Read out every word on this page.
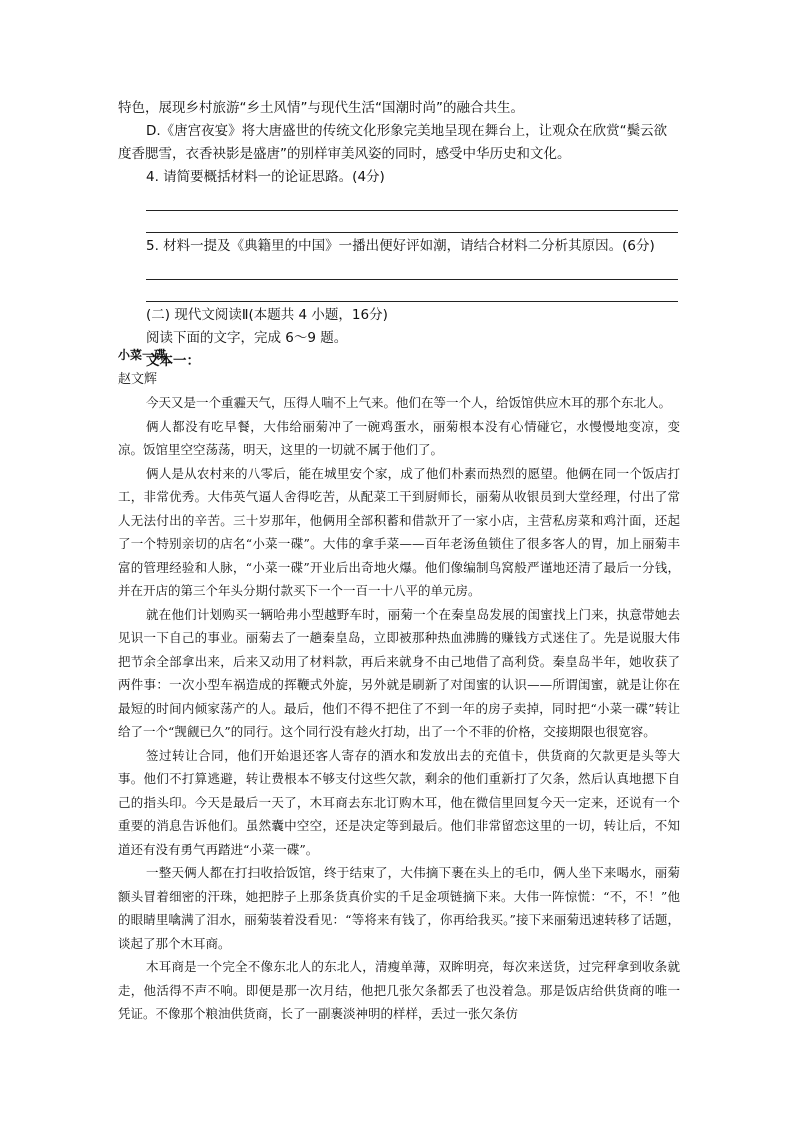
特色，展现乡村旅游“乡土风情”与现代生活“国潮时尚”的融合共生。

D.《唐宫夜宴》将大唐盛世的传统文化形象完美地呈现在舞台上，让观众在欣赏“鬓云欲度香腮雪，衣香袂影是盛唐”的别样审美风姿的同时，感受中华历史和文化。

4. 请简要概括材料一的论证思路。(4分)

5. 材料一提及《典籍里的中国》一播出便好评如潮，请结合材料二分析其原因。(6分)

(二) 现代文阅读Ⅱ(本题共 4 小题，16分)

阅读下面的文字，完成 6～9 题。

文本一：

小菜一碟

赵文辉

今天又是一个重霾天气，压得人喘不上气来。他们在等一个人，给饭馆供应木耳的那个东北人。

俩人都没有吃早餐，大伟给丽菊冲了一碗鸡蛋水，丽菊根本没有心情碰它，水慢慢地变凉，变凉。饭馆里空空荡荡，明天，这里的一切就不属于他们了。

俩人是从农村来的八零后，能在城里安个家，成了他们朴素而热烈的愿望。他俩在同一个饭店打工，非常优秀。大伟英气逼人舍得吃苦，从配菜工干到厨师长，丽菊从收银员到大堂经理，付出了常人无法付出的辛苦。三十岁那年，他俩用全部积蓄和借款开了一家小店，主营私房菜和鸡汁面，还起了一个特别亲切的店名“小菜一碟”。大伟的拿手菜——百年老汤鱼锁住了很多客人的胃，加上丽菊丰富的管理经验和人脉，“小菜一碟”开业后出奇地火爆。他们像编制鸟窝般严谨地还清了最后一分钱，并在开店的第三个年头分期付款买下一个一百一十八平的单元房。

就在他们计划购买一辆哈弗小型越野车时，丽菊一个在秦皇岛发展的闺蜜找上门来，执意带她去见识一下自己的事业。丽菊去了一趟秦皇岛，立即被那种热血沸腾的赚钱方式迷住了。先是说服大伟把节余全部拿出来，后来又动用了材料款，再后来就身不由己地借了高利贷。秦皇岛半年，她收获了两件事：一次小型车祸造成的挥鞭式外旋，另外就是刷新了对闺蜜的认识——所谓闺蜜，就是让你在最短的时间内倾家荡产的人。最后，他们不得不把住了不到一年的房子卖掉，同时把“小菜一碟”转让给了一个“觊觎已久”的同行。这个同行没有趁火打劫，出了一个不菲的价格，交接期限也很宽容。

签过转让合同，他们开始退还客人寄存的酒水和发放出去的充值卡，供货商的欠款更是头等大事。他们不打算逃避，转让费根本不够支付这些欠款，剩余的他们重新打了欠条，然后认真地摁下自己的指头印。今天是最后一天了，木耳商去东北订购木耳，他在微信里回复今天一定来，还说有一个重要的消息告诉他们。虽然囊中空空，还是决定等到最后。他们非常留恋这里的一切，转让后，不知道还有没有勇气再踏进“小菜一碟”。

一整天俩人都在打扫收拾饭馆，终于结束了，大伟摘下裹在头上的毛巾，俩人坐下来喝水，丽菊额头冒着细密的汗珠，她把脖子上那条货真价实的千足金项链摘下来。大伟一阵惊慌：“不，不！”他的眼睛里噙满了泪水，丽菊装着没看见：“等将来有钱了，你再给我买。”接下来丽菊迅速转移了话题，谈起了那个木耳商。

木耳商是一个完全不像东北人的东北人，清瘦单薄，双眸明亮，每次来送货，过完秤拿到收条就走，他活得不声不响。即便是那一次月结，他把几张欠条都丢了也没着急。那是饭店给供货商的唯一凭证。不像那个粮油供货商，长了一副裹淡神明的样样，丢过一张欠条仿
